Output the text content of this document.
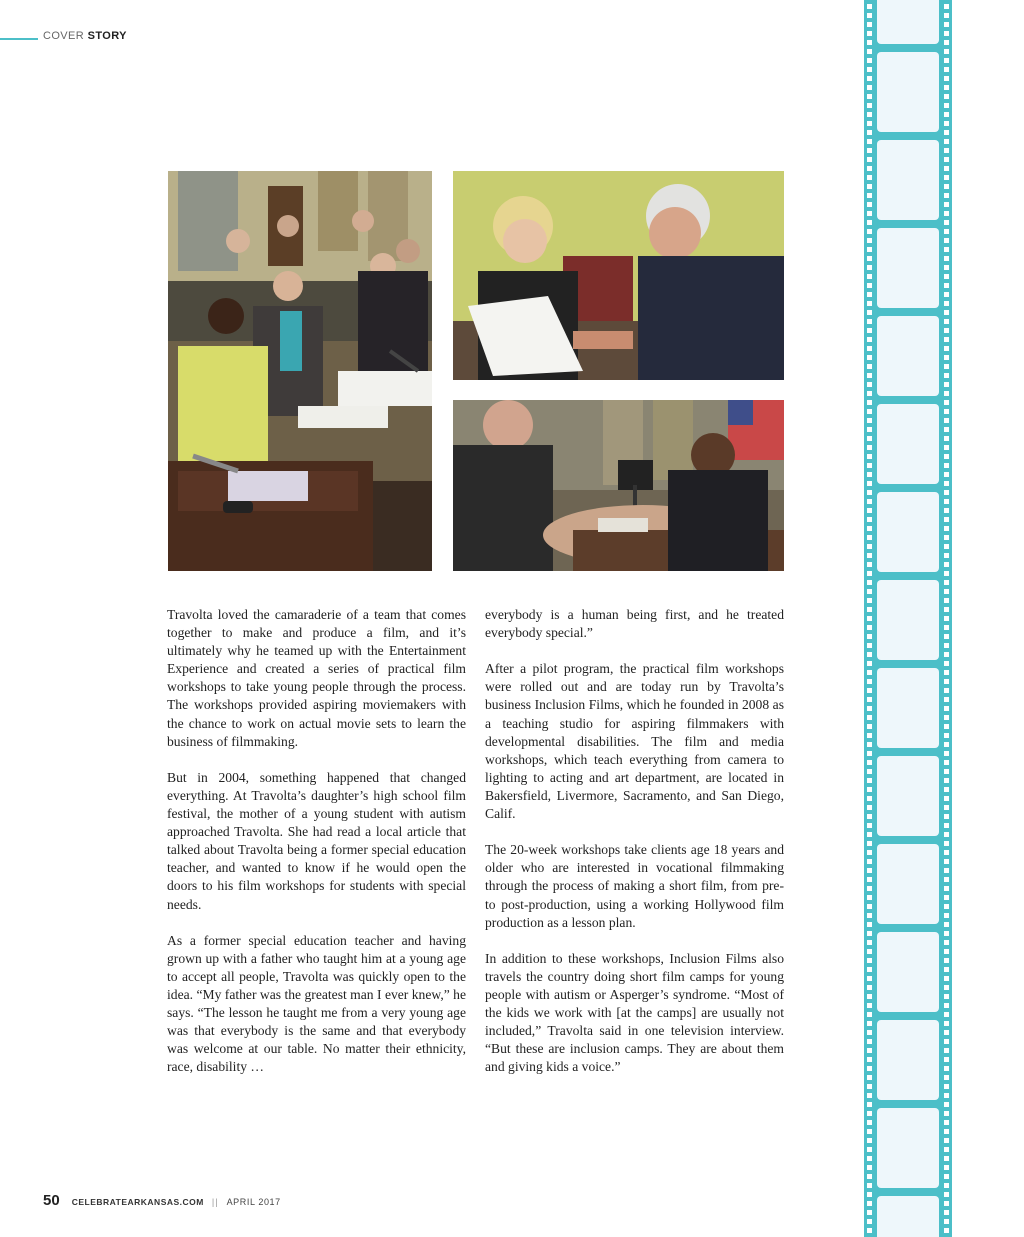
COVER STORY

Travolta loved the camaraderie of a team that comes together to make and produce a film, and it’s ultimately why he teamed up with the Entertainment Experience and created a series of practical film workshops to take young people through the process. The workshops provided aspiring moviemakers with the chance to work on actual movie sets to learn the business of filmmaking.

But in 2004, something happened that changed everything. At Travolta’s daughter’s high school film festival, the mother of a young student with autism approached Travolta. She had read a local article that talked about Travolta being a former special education teacher, and wanted to know if he would open the doors to his film workshops for students with special needs.

As a former special education teacher and having grown up with a father who taught him at a young age to accept all people, Travolta was quickly open to the idea. “My father was the greatest man I ever knew,” he says. “The lesson he taught me from a very young age was that everybody is the same and that everybody was welcome at our table. No matter their ethnicity, race, disability …

everybody is a human being first, and he treated everybody special.”

After a pilot program, the practical film workshops were rolled out and are today run by Travolta’s business Inclusion Films, which he founded in 2008 as a teaching studio for aspiring filmmakers with developmental disabilities. The film and media workshops, which teach everything from camera to lighting to acting and art department, are located in Bakersfield, Livermore, Sacramento, and San Diego, Calif.

The 20-week workshops take clients age 18 years and older who are interested in vocational filmmaking through the process of making a short film, from pre- to post-production, using a working Hollywood film production as a lesson plan.

In addition to these workshops, Inclusion Films also travels the country doing short film camps for young people with autism or Asperger’s syndrome. “Most of the kids we work with [at the camps] are usually not included,” Travolta said in one television interview. “But these are inclusion camps. They are about them and giving kids a voice.”

50 CELEBRATEARKANSAS.COM || APRIL 2017
